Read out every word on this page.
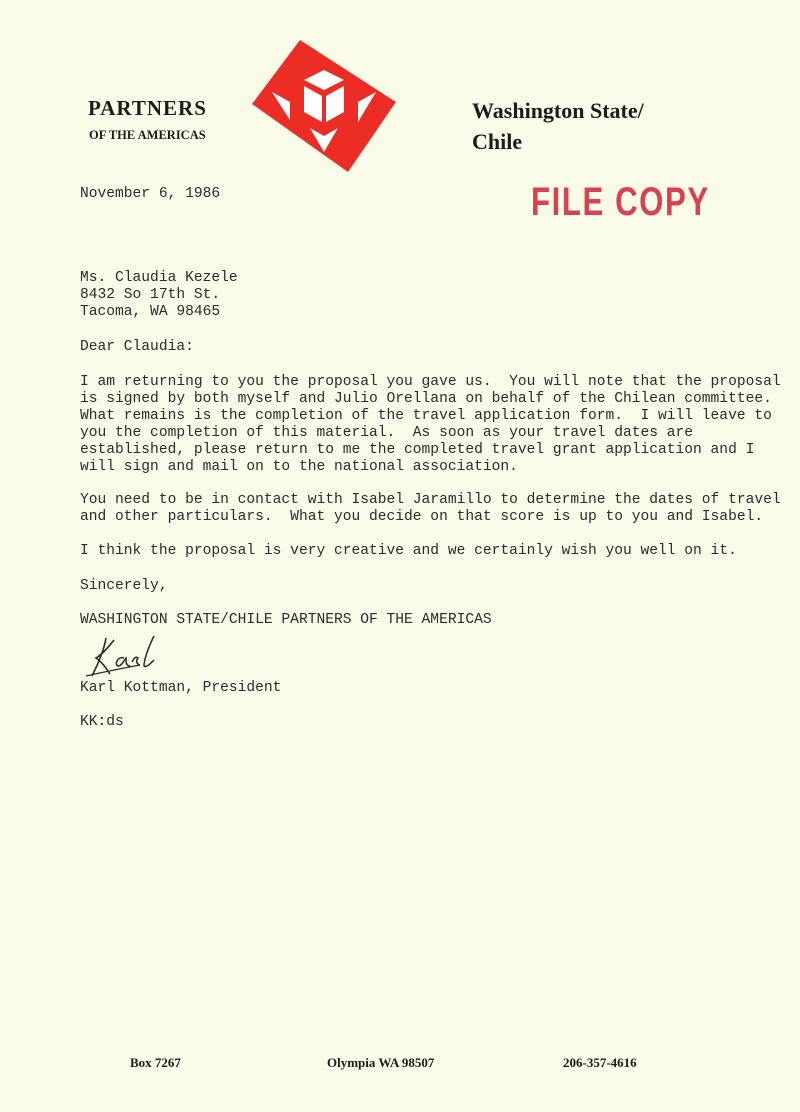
PARTNERS
OF THE AMERICAS
Washington State/
Chile
FILE COPY
November 6, 1986
Ms. Claudia Kezele
8432 So 17th St.
Tacoma, WA 98465
Dear Claudia:
I am returning to you the proposal you gave us.  You will note that the proposal
is signed by both myself and Julio Orellana on behalf of the Chilean committee.
What remains is the completion of the travel application form.  I will leave to
you the completion of this material.  As soon as your travel dates are
established, please return to me the completed travel grant application and I
will sign and mail on to the national association.
You need to be in contact with Isabel Jaramillo to determine the dates of travel
and other particulars.  What you decide on that score is up to you and Isabel.
I think the proposal is very creative and we certainly wish you well on it.
Sincerely,
WASHINGTON STATE/CHILE PARTNERS OF THE AMERICAS
Karl Kottman, President
KK:ds
Box 7267	Olympia WA 98507	206-357-4616
